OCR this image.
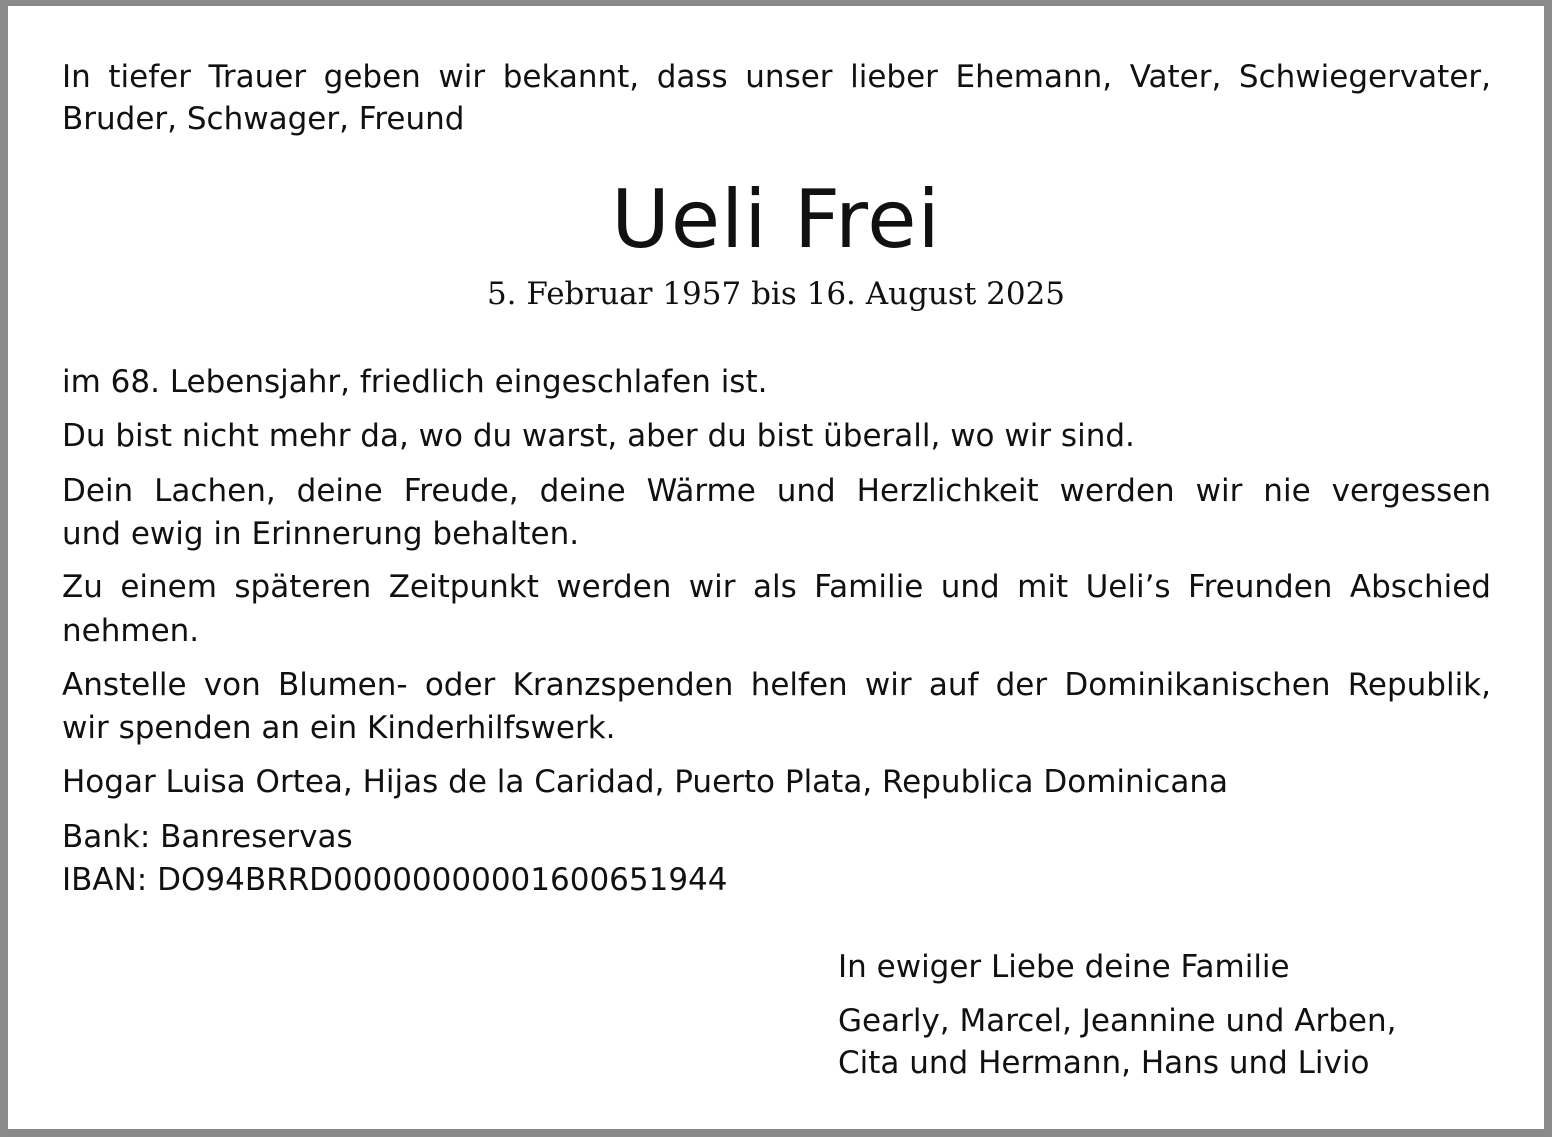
In tiefer Trauer geben wir bekannt, dass unser lieber Ehemann, Vater, Schwiegervater,

Bruder, Schwager, Freund

Ueli Frei

5. Februar 1957 bis 16. August 2025

im 68. Lebensjahr, friedlich eingeschlafen ist.

Du bist nicht mehr da, wo du warst, aber du bist überall, wo wir sind.

Dein Lachen, deine Freude, deine Wärme und Herzlichkeit werden wir nie vergessen

und ewig in Erinnerung behalten.

Zu einem späteren Zeitpunkt werden wir als Familie und mit Ueli’s Freunden Abschied

nehmen.

Anstelle von Blumen- oder Kranzspenden helfen wir auf der Dominikanischen Republik,

wir spenden an ein Kinderhilfswerk.

Hogar Luisa Ortea, Hijas de la Caridad, Puerto Plata, Republica Dominicana

Bank: Banreservas

IBAN: DO94BRRD00000000001600651944

In ewiger Liebe deine Familie

Gearly, Marcel, Jeannine und Arben,

Cita und Hermann, Hans und Livio
